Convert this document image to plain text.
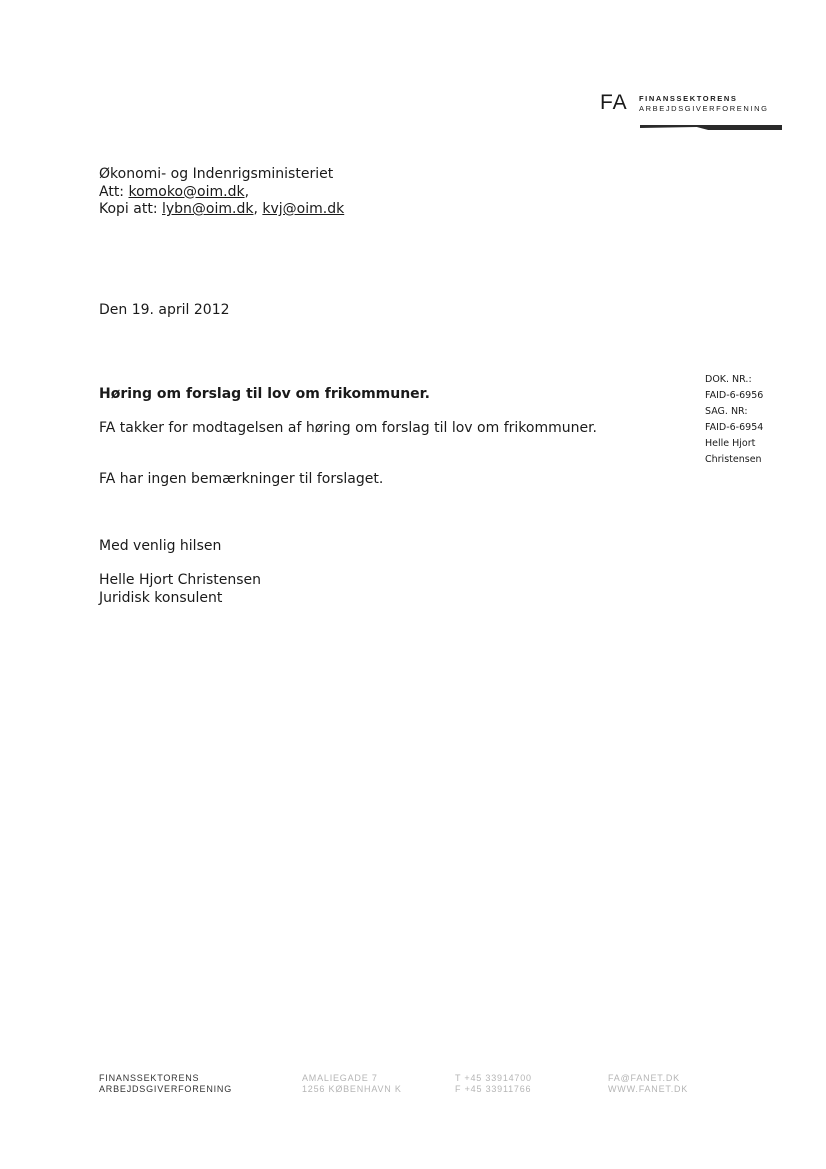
FA FINANSSEKTORENS
ARBEJDSGIVERFORENING
Økonomi- og Indenrigsministeriet
Att: komoko@oim.dk,
Kopi att: lybn@oim.dk, kvj@oim.dk
Den 19. april 2012
DOK. NR.:
FAID-6-6956
SAG. NR:
FAID-6-6954
Helle Hjort
Christensen
Høring om forslag til lov om frikommuner.
FA takker for modtagelsen af høring om forslag til lov om frikommuner.
FA har ingen bemærkninger til forslaget.
Med venlig hilsen
Helle Hjort Christensen
Juridisk konsulent
FINANSSEKTORENS
ARBEJDSGIVERFORENING
AMALIEGADE 7
1256 KØBENHAVN K
T +45 33914700
F +45 33911766
FA@FANET.DK
WWW.FANET.DK
